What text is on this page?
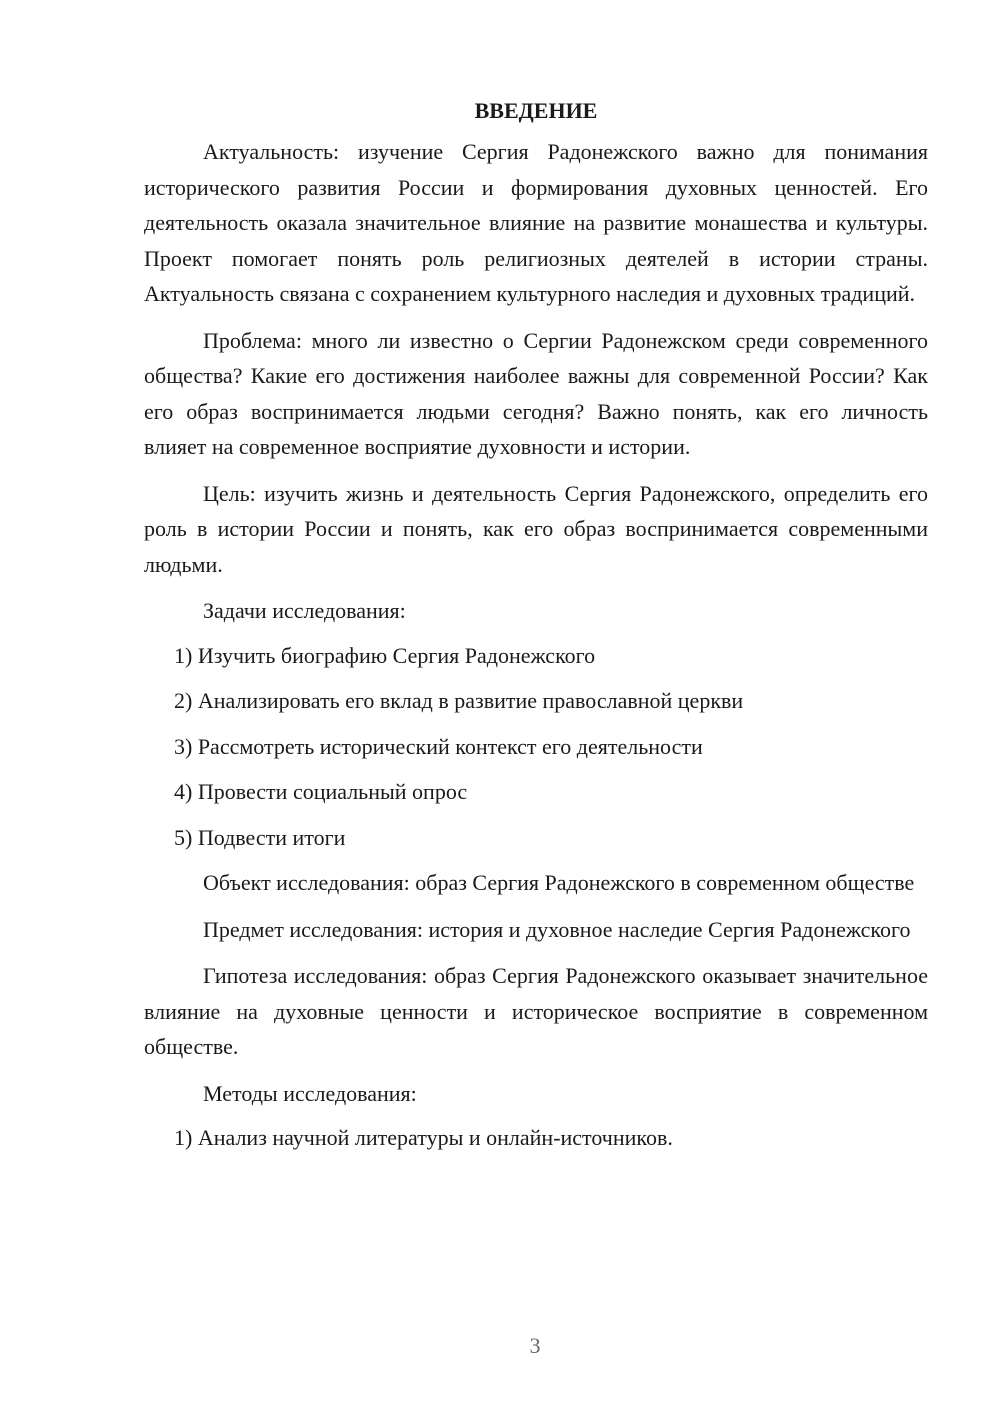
ВВЕДЕНИЕ

Актуальность: изучение Сергия Радонежского важно для понимания исторического развития России и формирования духовных ценностей. Его деятельность оказала значительное влияние на развитие монашества и культуры. Проект помогает понять роль религиозных деятелей в истории страны. Актуальность связана с сохранением культурного наследия и духовных традиций.

Проблема: много ли известно о Сергии Радонежском среди современного общества? Какие его достижения наиболее важны для современной России? Как его образ воспринимается людьми сегодня? Важно понять, как его личность влияет на современное восприятие духовности и истории.

Цель: изучить жизнь и деятельность Сергия Радонежского, определить его роль в истории России и понять, как его образ воспринимается современными людьми.

Задачи исследования:

1) Изучить биографию Сергия Радонежского
2) Анализировать его вклад в развитие православной церкви
3) Рассмотреть исторический контекст его деятельности
4) Провести социальный опрос
5) Подвести итоги

Объект исследования: образ Сергия Радонежского в современном обществе

Предмет исследования: история и духовное наследие Сергия Радонежского

Гипотеза исследования: образ Сергия Радонежского оказывает значительное влияние на духовные ценности и историческое восприятие в современном обществе.

Методы исследования:

1) Анализ научной литературы и онлайн-источников.
3
